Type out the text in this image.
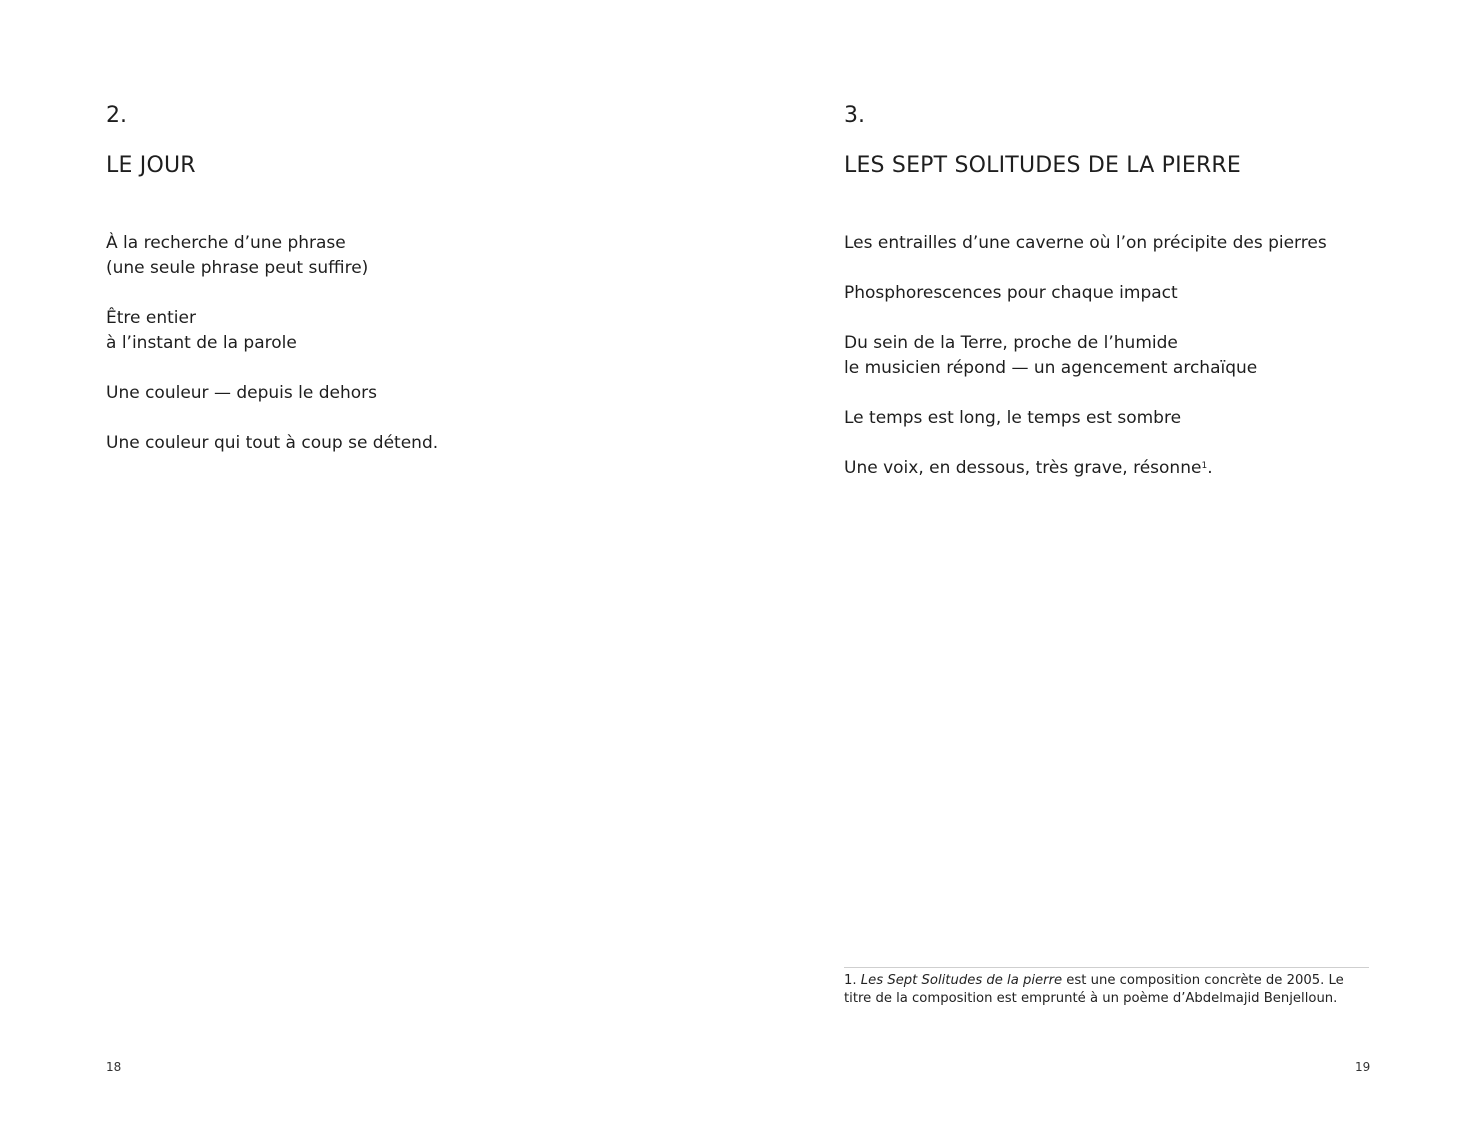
2.
LE JOUR

À la recherche d’une phrase
(une seule phrase peut suffire)

Être entier
à l’instant de la parole

Une couleur — depuis le dehors

Une couleur qui tout à coup se détend.

18
3.
LES SEPT SOLITUDES DE LA PIERRE

Les entrailles d’une caverne où l’on précipite des pierres

Phosphorescences pour chaque impact

Du sein de la Terre, proche de l’humide
le musicien répond — un agencement archaïque

Le temps est long, le temps est sombre

Une voix, en dessous, très grave, résonne$^1$.

1. Les Sept Solitudes de la pierre est une composition concrète de 2005. Le titre de la composition est emprunté à un poème d’Abdelmajid Benjelloun.
19
